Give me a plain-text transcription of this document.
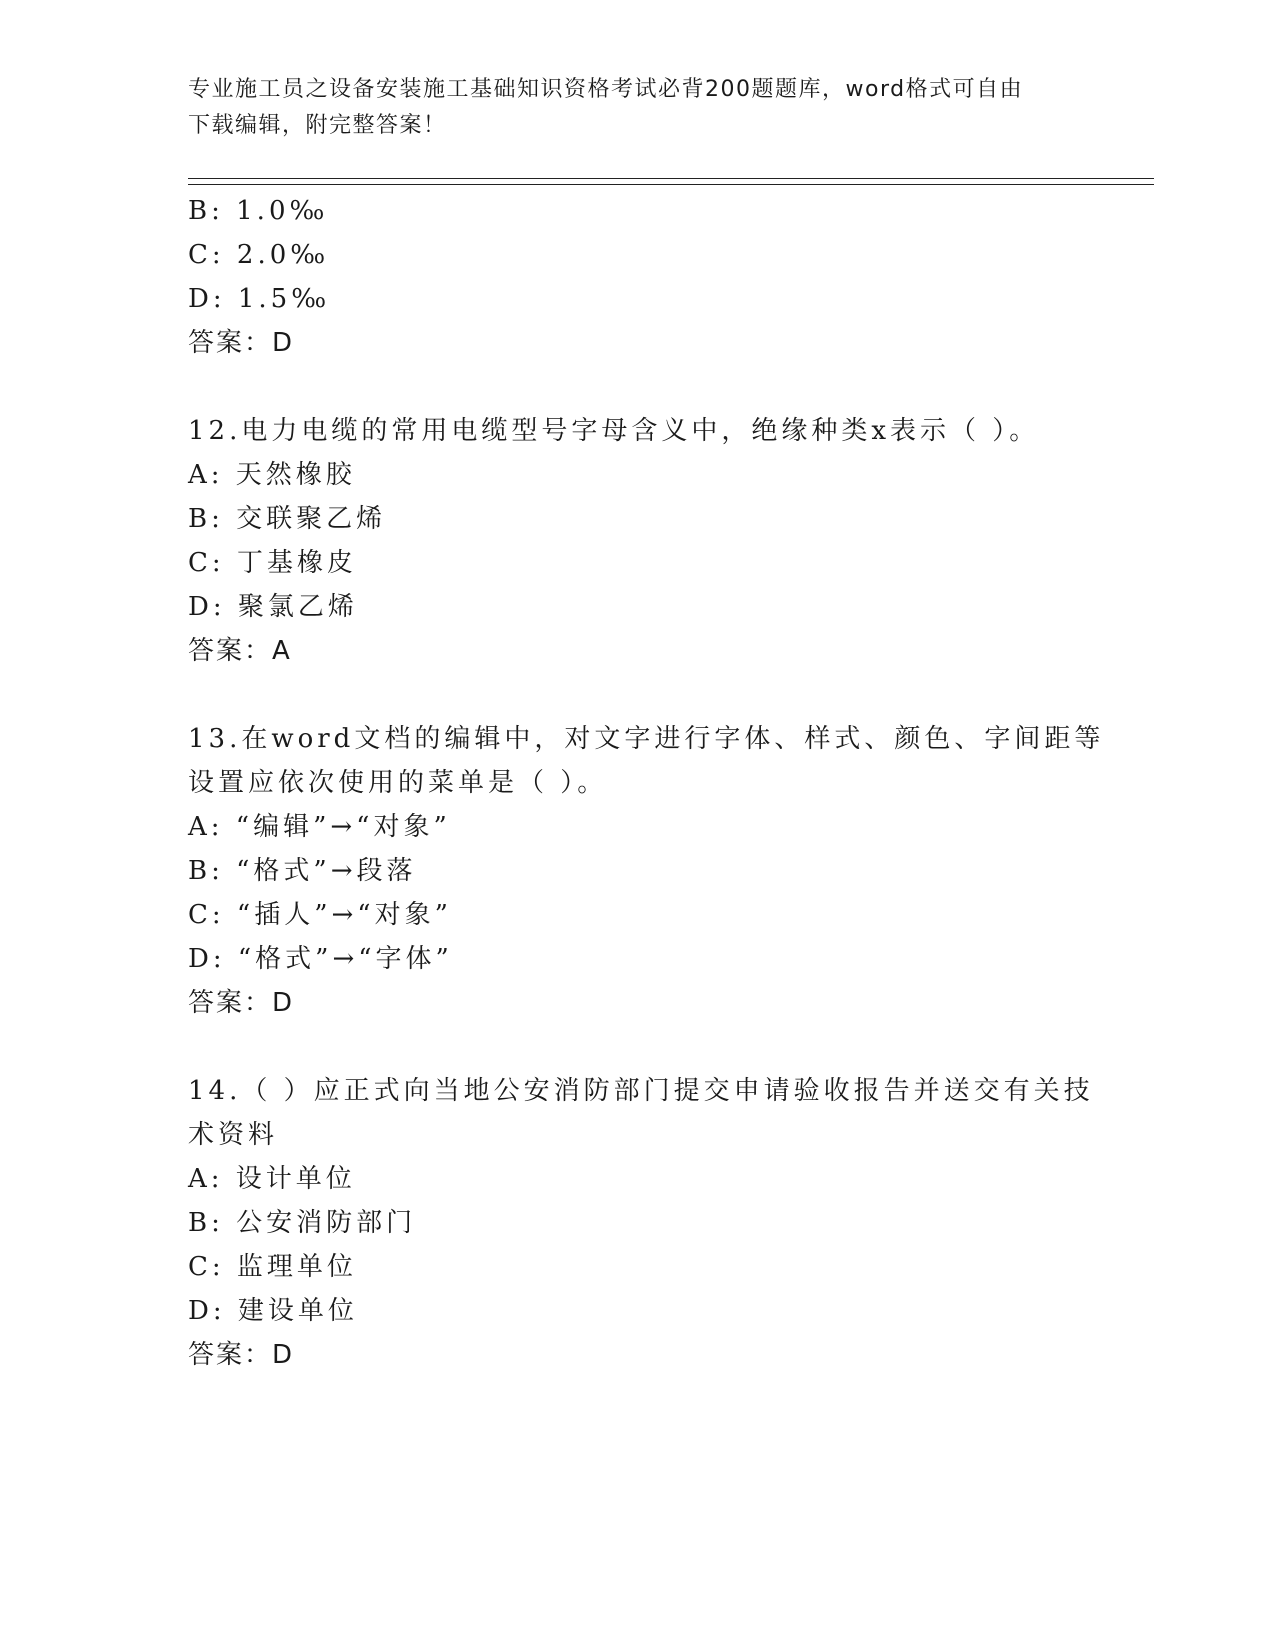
专业施工员之设备安装施工基础知识资格考试必背200题题库，word格式可自由
下载编辑，附完整答案！
B: 1.0‰
C: 2.0‰
D: 1.5‰
答案：D
12.电力电缆的常用电缆型号字母含义中，绝缘种类x表示（ ）。
A: 天然橡胶
B: 交联聚乙烯
C: 丁基橡皮
D: 聚氯乙烯
答案：A
13.在word文档的编辑中，对文字进行字体、样式、颜色、字间距等
设置应依次使用的菜单是（ ）。
A: “编辑”→“对象”
B: “格式”→段落
C: “插人”→“对象”
D: “格式”→“字体”
答案：D
14.（ ）应正式向当地公安消防部门提交申请验收报告并送交有关技
术资料
A: 设计单位
B: 公安消防部门
C: 监理单位
D: 建设单位
答案：D
